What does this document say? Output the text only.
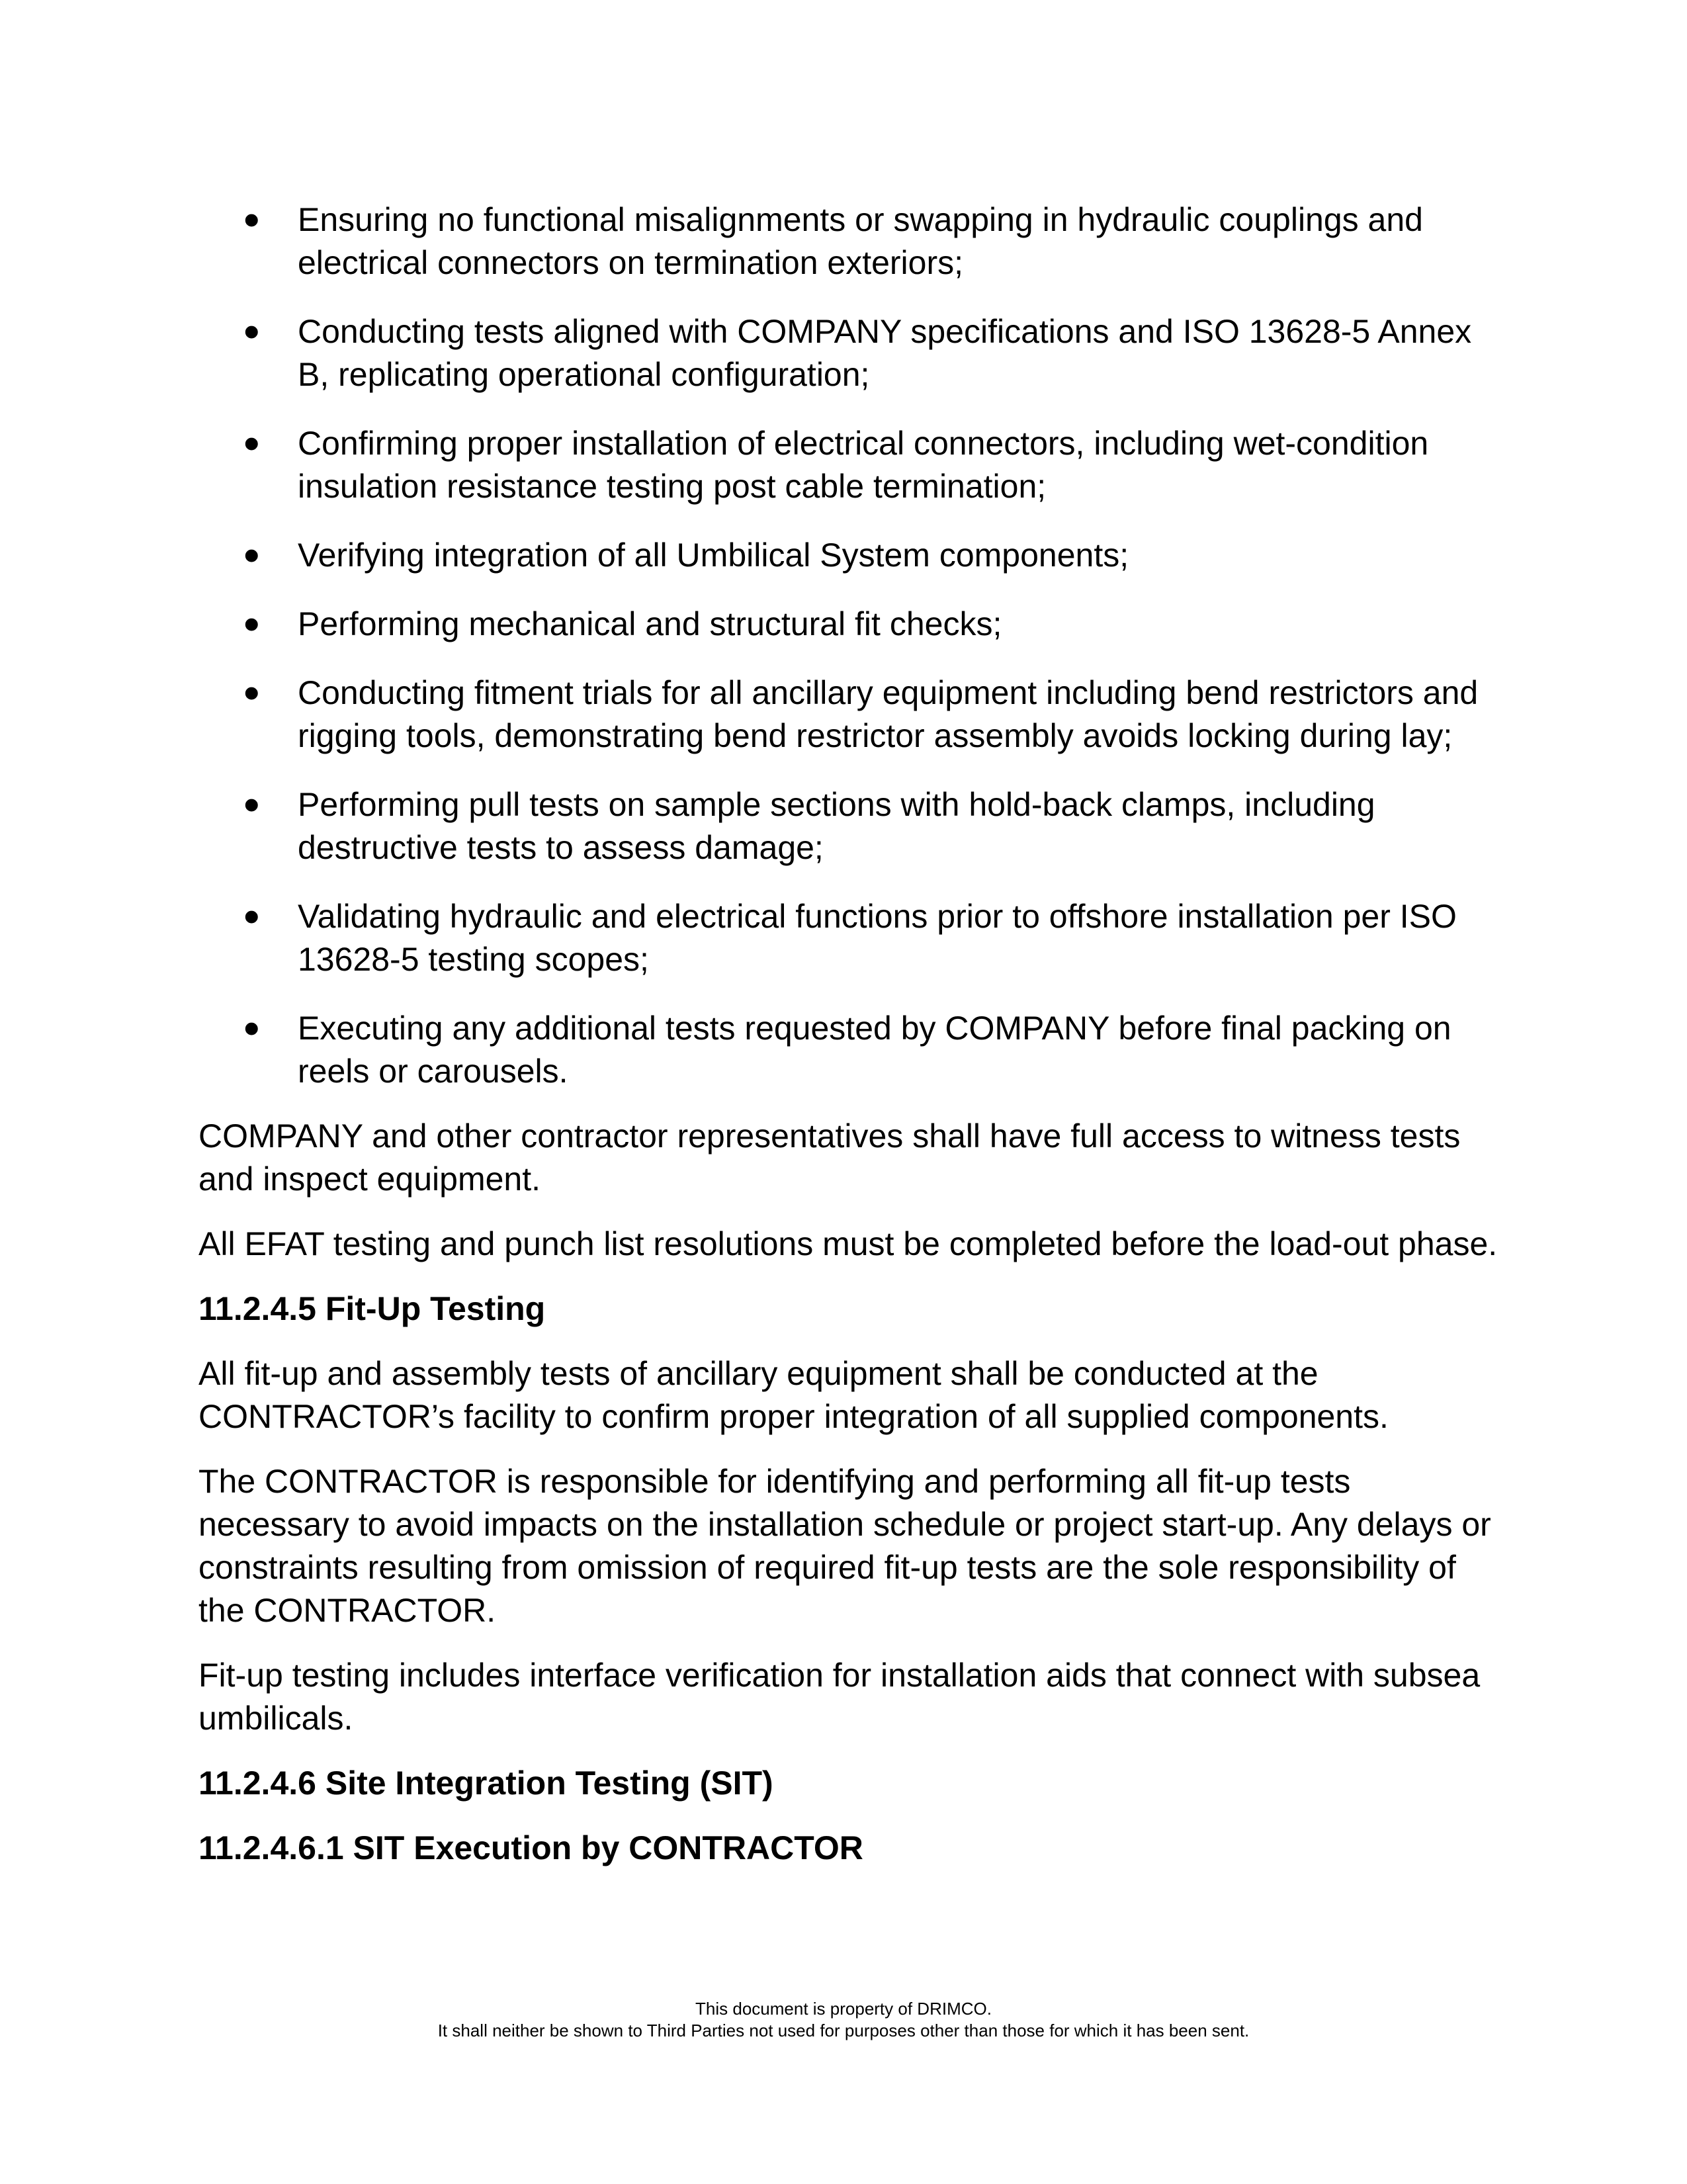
• Ensuring no functional misalignments or swapping in hydraulic couplings and electrical connectors on termination exteriors;
• Conducting tests aligned with COMPANY specifications and ISO 13628-5 Annex B, replicating operational configuration;
• Confirming proper installation of electrical connectors, including wet-condition insulation resistance testing post cable termination;
• Verifying integration of all Umbilical System components;
• Performing mechanical and structural fit checks;
• Conducting fitment trials for all ancillary equipment including bend restrictors and rigging tools, demonstrating bend restrictor assembly avoids locking during lay;
• Performing pull tests on sample sections with hold-back clamps, including destructive tests to assess damage;
• Validating hydraulic and electrical functions prior to offshore installation per ISO 13628-5 testing scopes;
• Executing any additional tests requested by COMPANY before final packing on reels or carousels.

COMPANY and other contractor representatives shall have full access to witness tests and inspect equipment.

All EFAT testing and punch list resolutions must be completed before the load-out phase.

11.2.4.5 Fit-Up Testing

All fit-up and assembly tests of ancillary equipment shall be conducted at the CONTRACTOR’s facility to confirm proper integration of all supplied components.

The CONTRACTOR is responsible for identifying and performing all fit-up tests necessary to avoid impacts on the installation schedule or project start-up. Any delays or constraints resulting from omission of required fit-up tests are the sole responsibility of the CONTRACTOR.

Fit-up testing includes interface verification for installation aids that connect with subsea umbilicals.

11.2.4.6 Site Integration Testing (SIT)
11.2.4.6.1 SIT Execution by CONTRACTOR
This document is property of DRIMCO.
It shall neither be shown to Third Parties not used for purposes other than those for which it has been sent.
